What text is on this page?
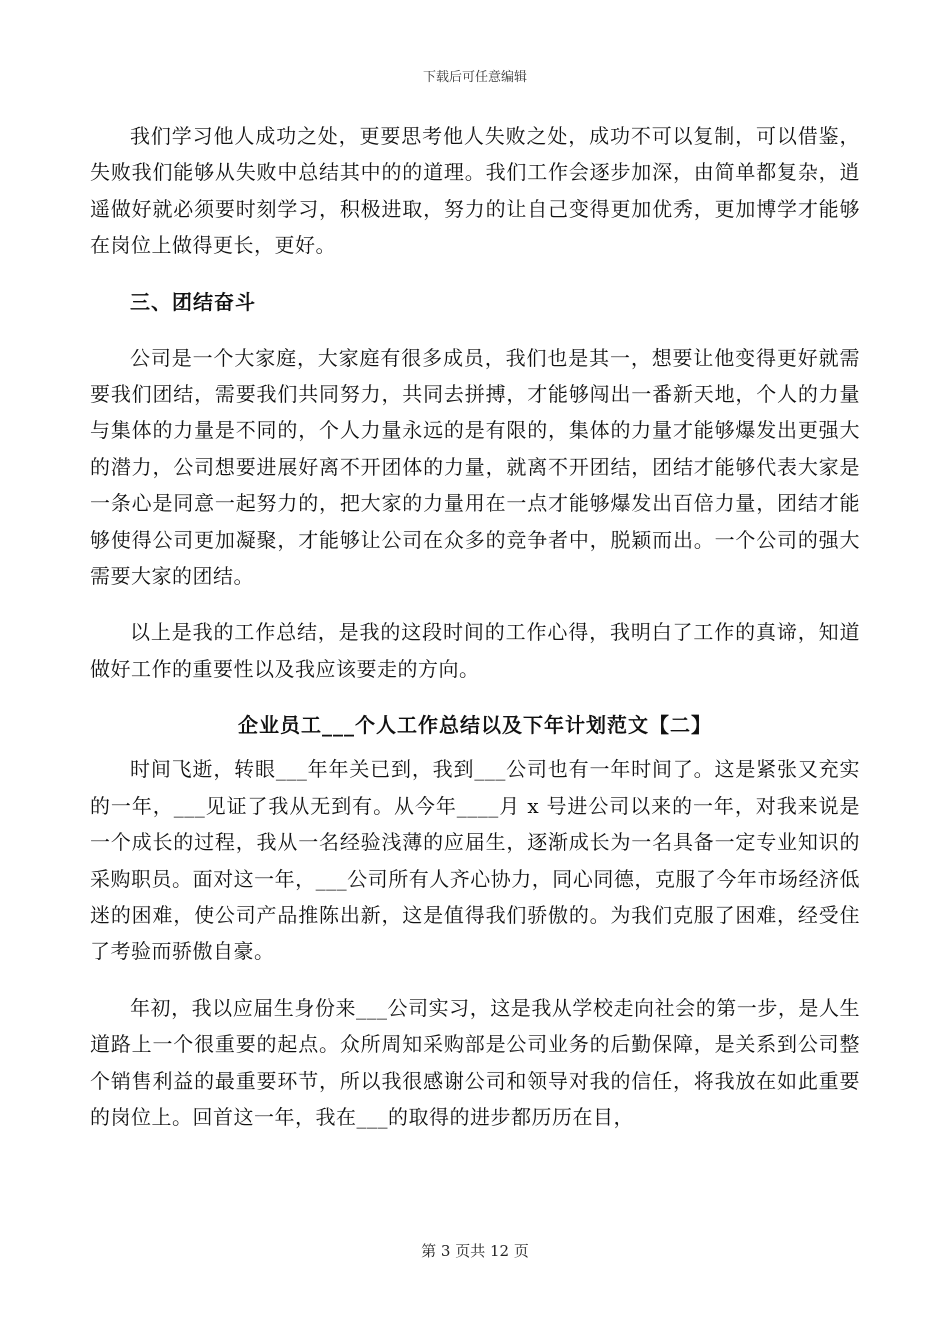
下载后可任意编辑

我们学习他人成功之处，更要思考他人失败之处，成功不可以复制，可以借鉴，失败我们能够从失败中总结其中的的道理。我们工作会逐步加深，由简单都复杂，逍遥做好就必须要时刻学习，积极进取，努力的让自己变得更加优秀，更加博学才能够在岗位上做得更长，更好。

三、团结奋斗

公司是一个大家庭，大家庭有很多成员，我们也是其一，想要让他变得更好就需要我们团结，需要我们共同努力，共同去拼搏，才能够闯出一番新天地，个人的力量与集体的力量是不同的，个人力量永远的是有限的，集体的力量才能够爆发出更强大的潜力，公司想要进展好离不开团体的力量，就离不开团结，团结才能够代表大家是一条心是同意一起努力的，把大家的力量用在一点才能够爆发出百倍力量，团结才能够使得公司更加凝聚，才能够让公司在众多的竞争者中，脱颖而出。一个公司的强大需要大家的团结。

以上是我的工作总结，是我的这段时间的工作心得，我明白了工作的真谛，知道做好工作的重要性以及我应该要走的方向。

企业员工___个人工作总结以及下年计划范文【二】

时间飞逝，转眼___年年关已到，我到___公司也有一年时间了。这是紧张又充实的一年，___见证了我从无到有。从今年____月 x 号进公司以来的一年，对我来说是一个成长的过程，我从一名经验浅薄的应届生，逐渐成长为一名具备一定专业知识的采购职员。面对这一年，___公司所有人齐心协力，同心同德，克服了今年市场经济低迷的困难，使公司产品推陈出新，这是值得我们骄傲的。为我们克服了困难，经受住了考验而骄傲自豪。

年初，我以应届生身份来___公司实习，这是我从学校走向社会的第一步，是人生道路上一个很重要的起点。众所周知采购部是公司业务的后勤保障，是关系到公司整个销售利益的最重要环节，所以我很感谢公司和领导对我的信任，将我放在如此重要的岗位上。回首这一年，我在___的取得的进步都历历在目，

第 3 页共 12 页
